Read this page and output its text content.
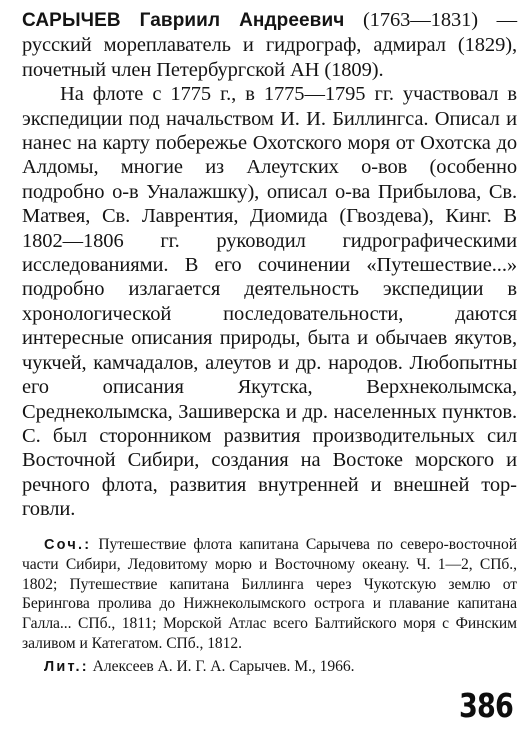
САРЫЧЕВ Гавриил Андреевич (1763—1831) — русский мореплаватель и гидрограф, адмирал (1829), почетный член Петербургской АН (1809).

На флоте с 1775 г., в 1775—1795 гг. участвовал в экспедиции под начальством И. И. Биллингса. Описал и нанес на карту побережье Охотского моря от Охотска до Алдомы, многие из Алеутских о-вов (особенно подробно о-в Уналажшку), описал о-ва Прибылова, Св. Матвея, Св. Лаврентия, Диомида (Гвоздева), Кинг. В 1802—1806 гг. руководил гидрографическими исследованиями. В его сочинении «Путешествие...» подробно излагается деятельность экспедиции в хронологической последовательности, даются интересные описания природы, быта и обычаев якутов, чукчей, камчадалов, алеутов и др. народов. Любопытны его описания Якутска, Верхнеколымска, Среднеколымска, Зашиверска и др. населенных пунктов. С. был сторонником развития производительных сил Восточной Сибири, создания на Востоке морского и речного флота, развития внутренней и внешней торговли.

Соч.: Путешествие флота капитана Сарычева по северо-восточной части Сибири, Ледовитому морю и Восточному океану. Ч. 1—2, СПб., 1802; Путешествие капитана Биллинга через Чукотскую землю от Берингова пролива до Нижнеколымского острога и плавание капитана Галла... СПб., 1811; Морской Атлас всего Балтийского моря с Финским заливом и Категатом. СПб., 1812.

Лит.: Алексеев А. И. Г. А. Сарычев. М., 1966.

386
